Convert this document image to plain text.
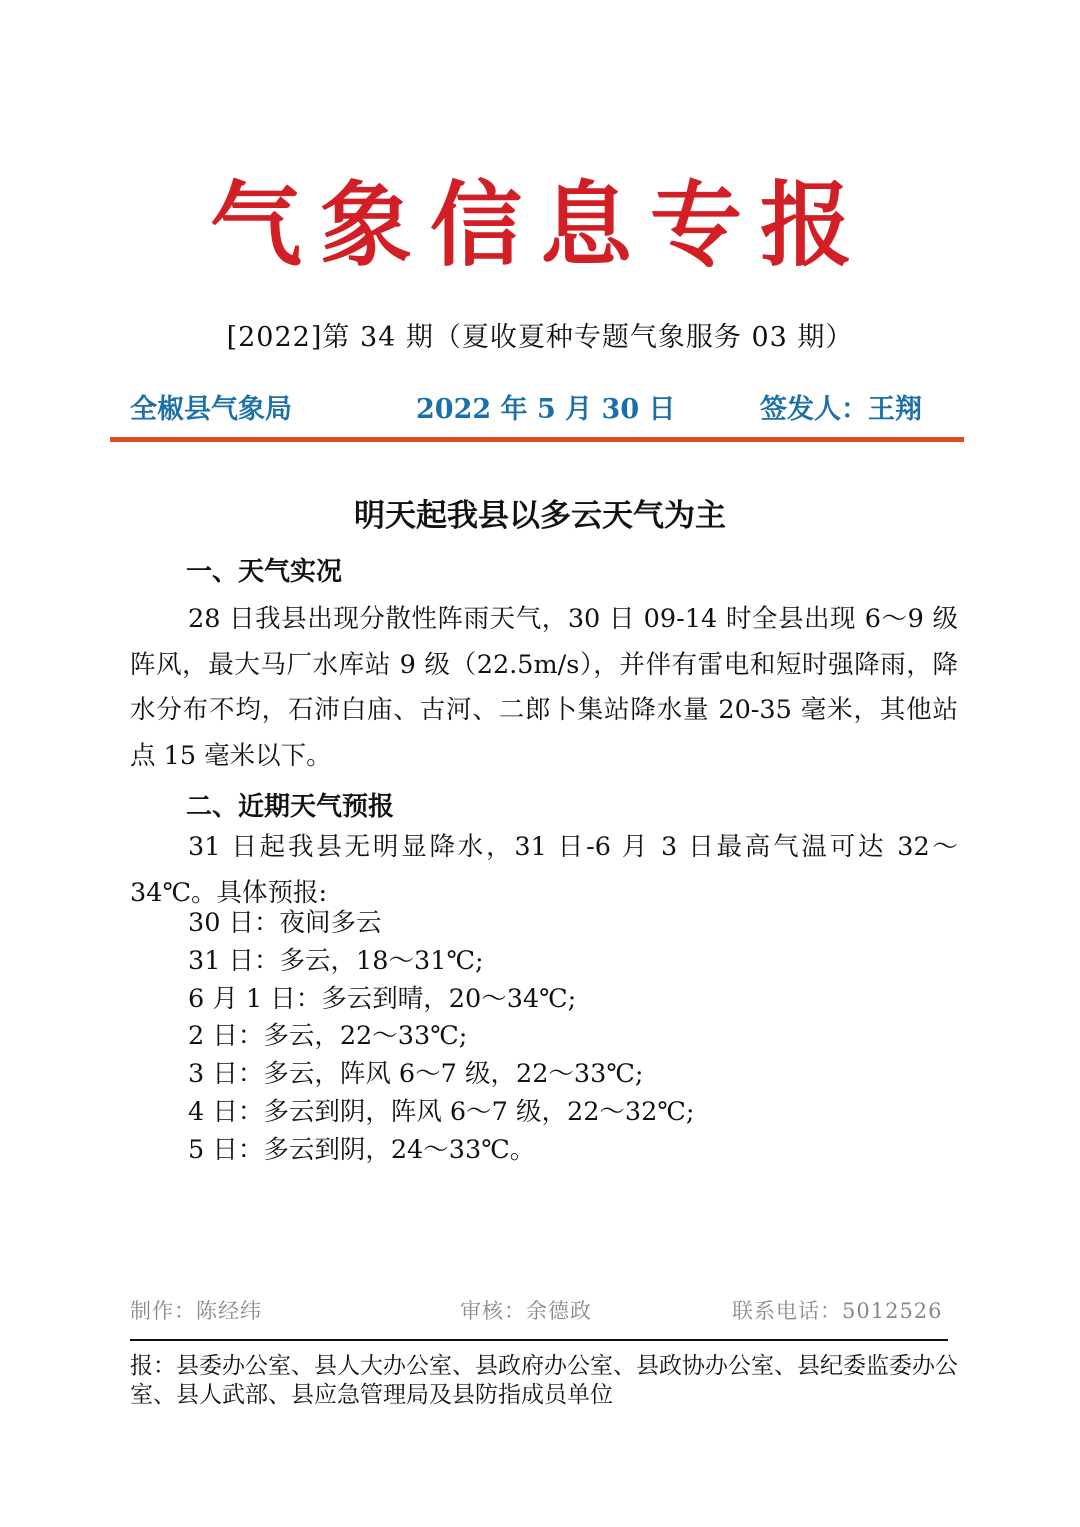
气象信息专报
[2022]第 34 期（夏收夏种专题气象服务 03 期）
全椒县气象局	2022 年 5 月 30 日	签发人：王翔
明天起我县以多云天气为主
一、天气实况

28 日我县出现分散性阵雨天气，30 日 09-14 时全县出现 6～9 级阵风，最大马厂水库站 9 级（22.5m/s），并伴有雷电和短时强降雨，降水分布不均，石沛白庙、古河、二郎卜集站降水量 20-35 毫米，其他站点 15 毫米以下。

二、近期天气预报

31 日起我县无明显降水，31 日-6 月 3 日最高气温可达 32～34℃。具体预报:

30 日：夜间多云
31 日：多云，18～31℃;
6 月 1 日：多云到晴，20～34℃;
2 日：多云，22～33℃;
3 日：多云，阵风 6～7 级，22～33℃;
4 日：多云到阴，阵风 6～7 级，22～32℃;
5 日：多云到阴，24～33℃。
制作：陈经纬	审核：余德政	联系电话：5012526
报：县委办公室、县人大办公室、县政府办公室、县政协办公室、县纪委监委办公室、县人武部、县应急管理局及县防指成员单位
